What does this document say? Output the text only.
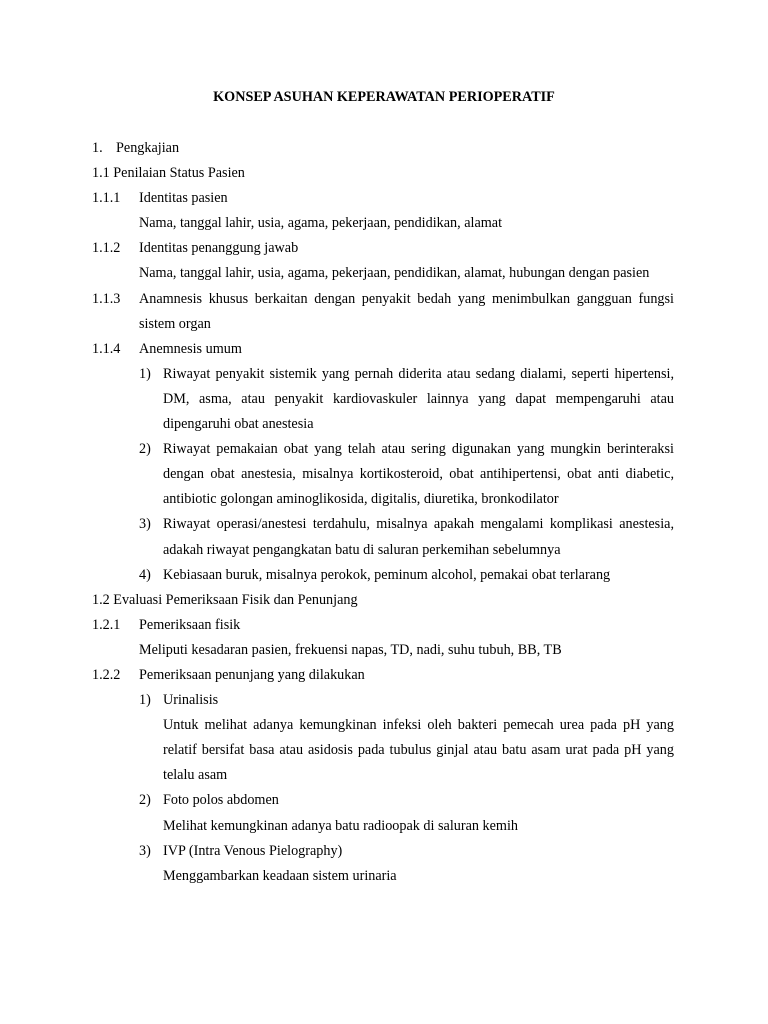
KONSEP ASUHAN KEPERAWATAN PERIOPERATIF
1. Pengkajian
1.1 Penilaian Status Pasien
1.1.1	Identitas pasien
Nama, tanggal lahir, usia, agama, pekerjaan, pendidikan, alamat
1.1.2	Identitas penanggung jawab
Nama, tanggal lahir, usia, agama, pekerjaan, pendidikan, alamat, hubungan dengan pasien
1.1.3	Anamnesis khusus berkaitan dengan penyakit bedah yang menimbulkan gangguan fungsi sistem organ
1.1.4	Anemnesis umum
1) Riwayat penyakit sistemik yang pernah diderita atau sedang dialami, seperti hipertensi, DM, asma, atau penyakit kardiovaskuler lainnya yang dapat mempengaruhi atau dipengaruhi obat anestesia
2) Riwayat pemakaian obat yang telah atau sering digunakan yang mungkin berinteraksi dengan obat anestesia, misalnya kortikosteroid, obat antihipertensi, obat anti diabetic, antibiotic golongan aminoglikosida, digitalis, diuretika, bronkodilator
3) Riwayat operasi/anestesi terdahulu, misalnya apakah mengalami komplikasi anestesia, adakah riwayat pengangkatan batu di saluran perkemihan sebelumnya
4) Kebiasaan buruk, misalnya perokok, peminum alcohol, pemakai obat terlarang
1.2 Evaluasi Pemeriksaan Fisik dan Penunjang
1.2.1	Pemeriksaan fisik
Meliputi kesadaran pasien, frekuensi napas, TD, nadi, suhu tubuh, BB, TB
1.2.2	Pemeriksaan penunjang yang dilakukan
1) Urinalisis
Untuk melihat adanya kemungkinan infeksi oleh bakteri pemecah urea pada pH yang relatif bersifat basa atau asidosis pada tubulus ginjal atau batu asam urat pada pH yang telalu asam
2) Foto polos abdomen
Melihat kemungkinan adanya batu radioopak di saluran kemih
3) IVP (Intra Venous Pielography)
Menggambarkan keadaan sistem urinaria
